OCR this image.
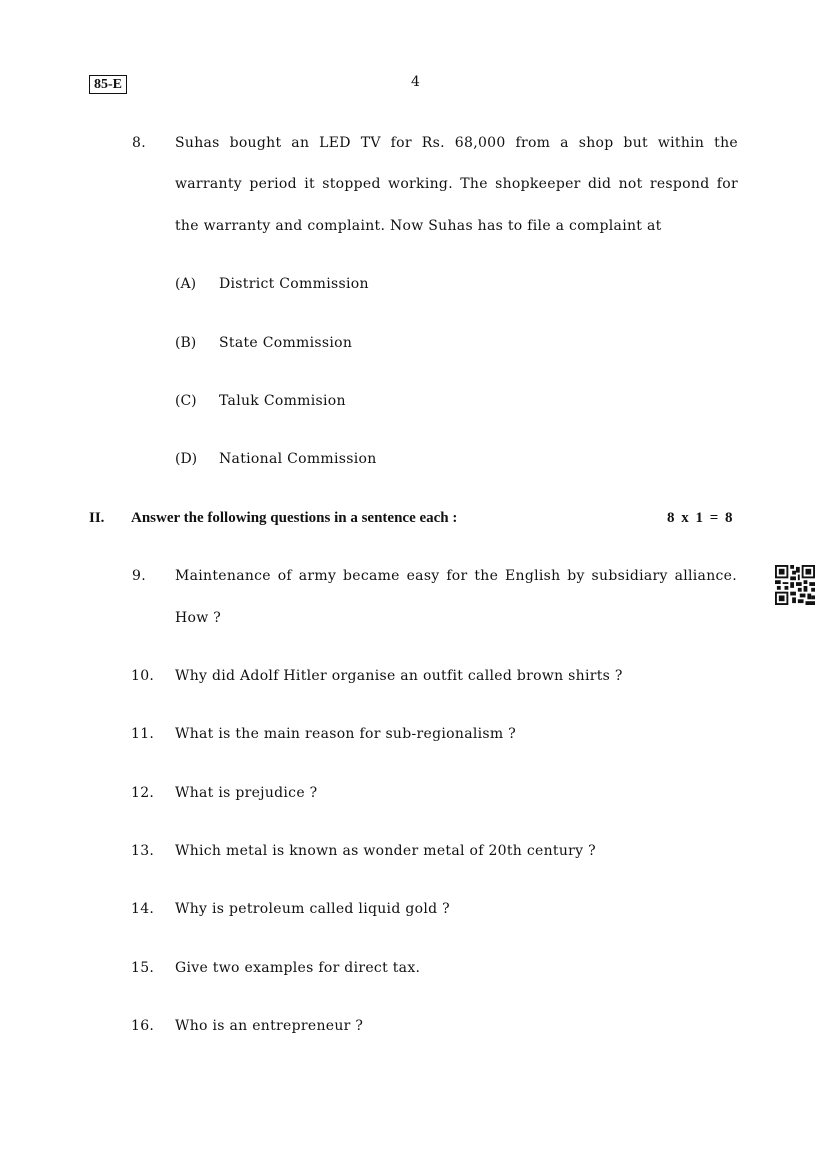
85-E	4
8. Suhas bought an LED TV for Rs. 68,000 from a shop but within the
warranty period it stopped working. The shopkeeper did not respond for
the warranty and complaint. Now Suhas has to file a complaint at
(A) District Commission
(B) State Commission
(C) Taluk Commision
(D) National Commission
II. Answer the following questions in a sentence each :	8 x 1 = 8
9. Maintenance of army became easy for the English by subsidiary alliance.
How ?
10. Why did Adolf Hitler organise an outfit called brown shirts ?
11. What is the main reason for sub-regionalism ?
12. What is prejudice ?
13. Which metal is known as wonder metal of 20th century ?
14. Why is petroleum called liquid gold ?
15. Give two examples for direct tax.
16. Who is an entrepreneur ?
